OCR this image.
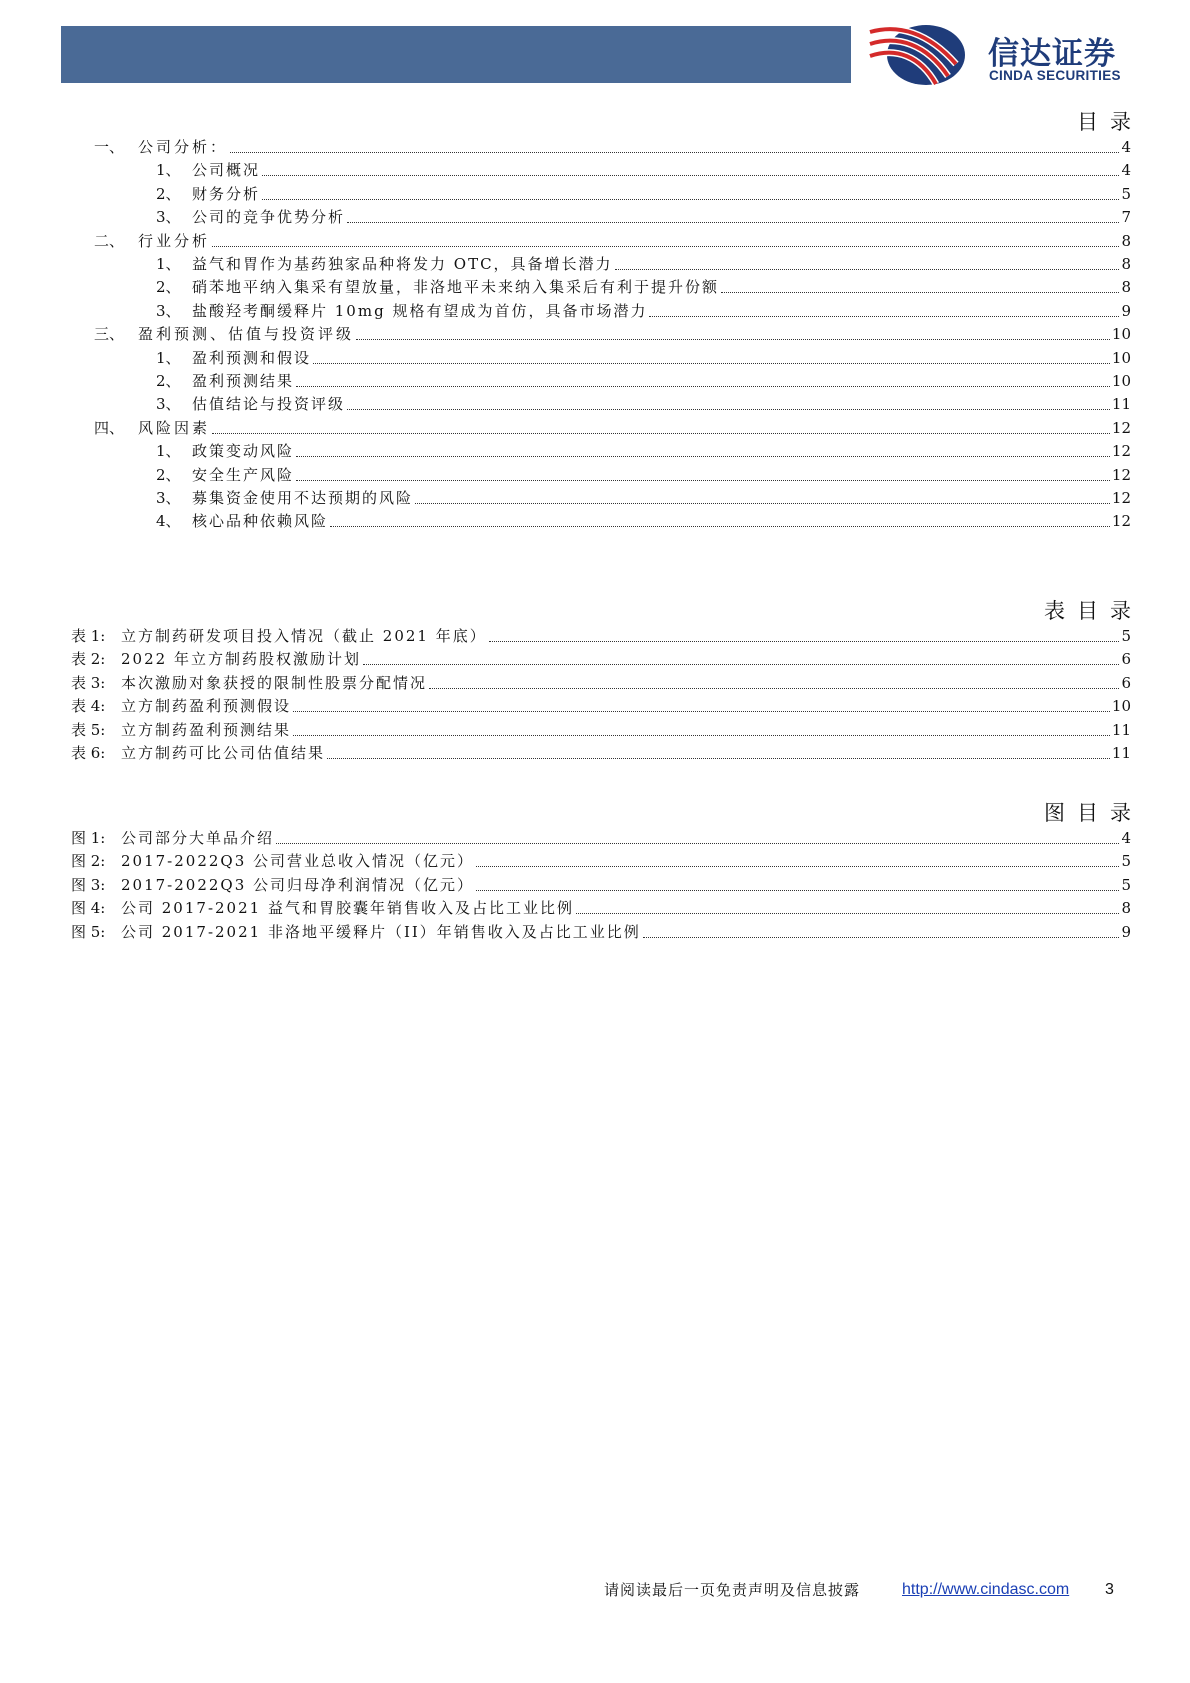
信达证券
CINDA SECURITIES
目录
一、 公司分析：	4
1、 公司概况	4
2、 财务分析	5
3、 公司的竞争优势分析	7
二、 行业分析	8
1、 益气和胃作为基药独家品种将发力 OTC，具备增长潜力	8
2、 硝苯地平纳入集采有望放量，非洛地平未来纳入集采后有利于提升份额	8
3、 盐酸羟考酮缓释片 10mg 规格有望成为首仿，具备市场潜力	9
三、 盈利预测、估值与投资评级	10
1、 盈利预测和假设	10
2、 盈利预测结果	10
3、 估值结论与投资评级	11
四、 风险因素	12
1、 政策变动风险	12
2、 安全生产风险	12
3、 募集资金使用不达预期的风险	12
4、 核心品种依赖风险	12
表目录
表 1: 立方制药研发项目投入情况（截止 2021 年底）	5
表 2: 2022 年立方制药股权激励计划	6
表 3: 本次激励对象获授的限制性股票分配情况	6
表 4: 立方制药盈利预测假设	10
表 5: 立方制药盈利预测结果	11
表 6: 立方制药可比公司估值结果	11
图目录
图 1: 公司部分大单品介绍	4
图 2: 2017-2022Q3 公司营业总收入情况（亿元）	5
图 3: 2017-2022Q3 公司归母净利润情况（亿元）	5
图 4: 公司 2017-2021 益气和胃胶囊年销售收入及占比工业比例	8
图 5: 公司 2017-2021 非洛地平缓释片（II）年销售收入及占比工业比例	9
请阅读最后一页免责声明及信息披露	http://www.cindasc.com 3
